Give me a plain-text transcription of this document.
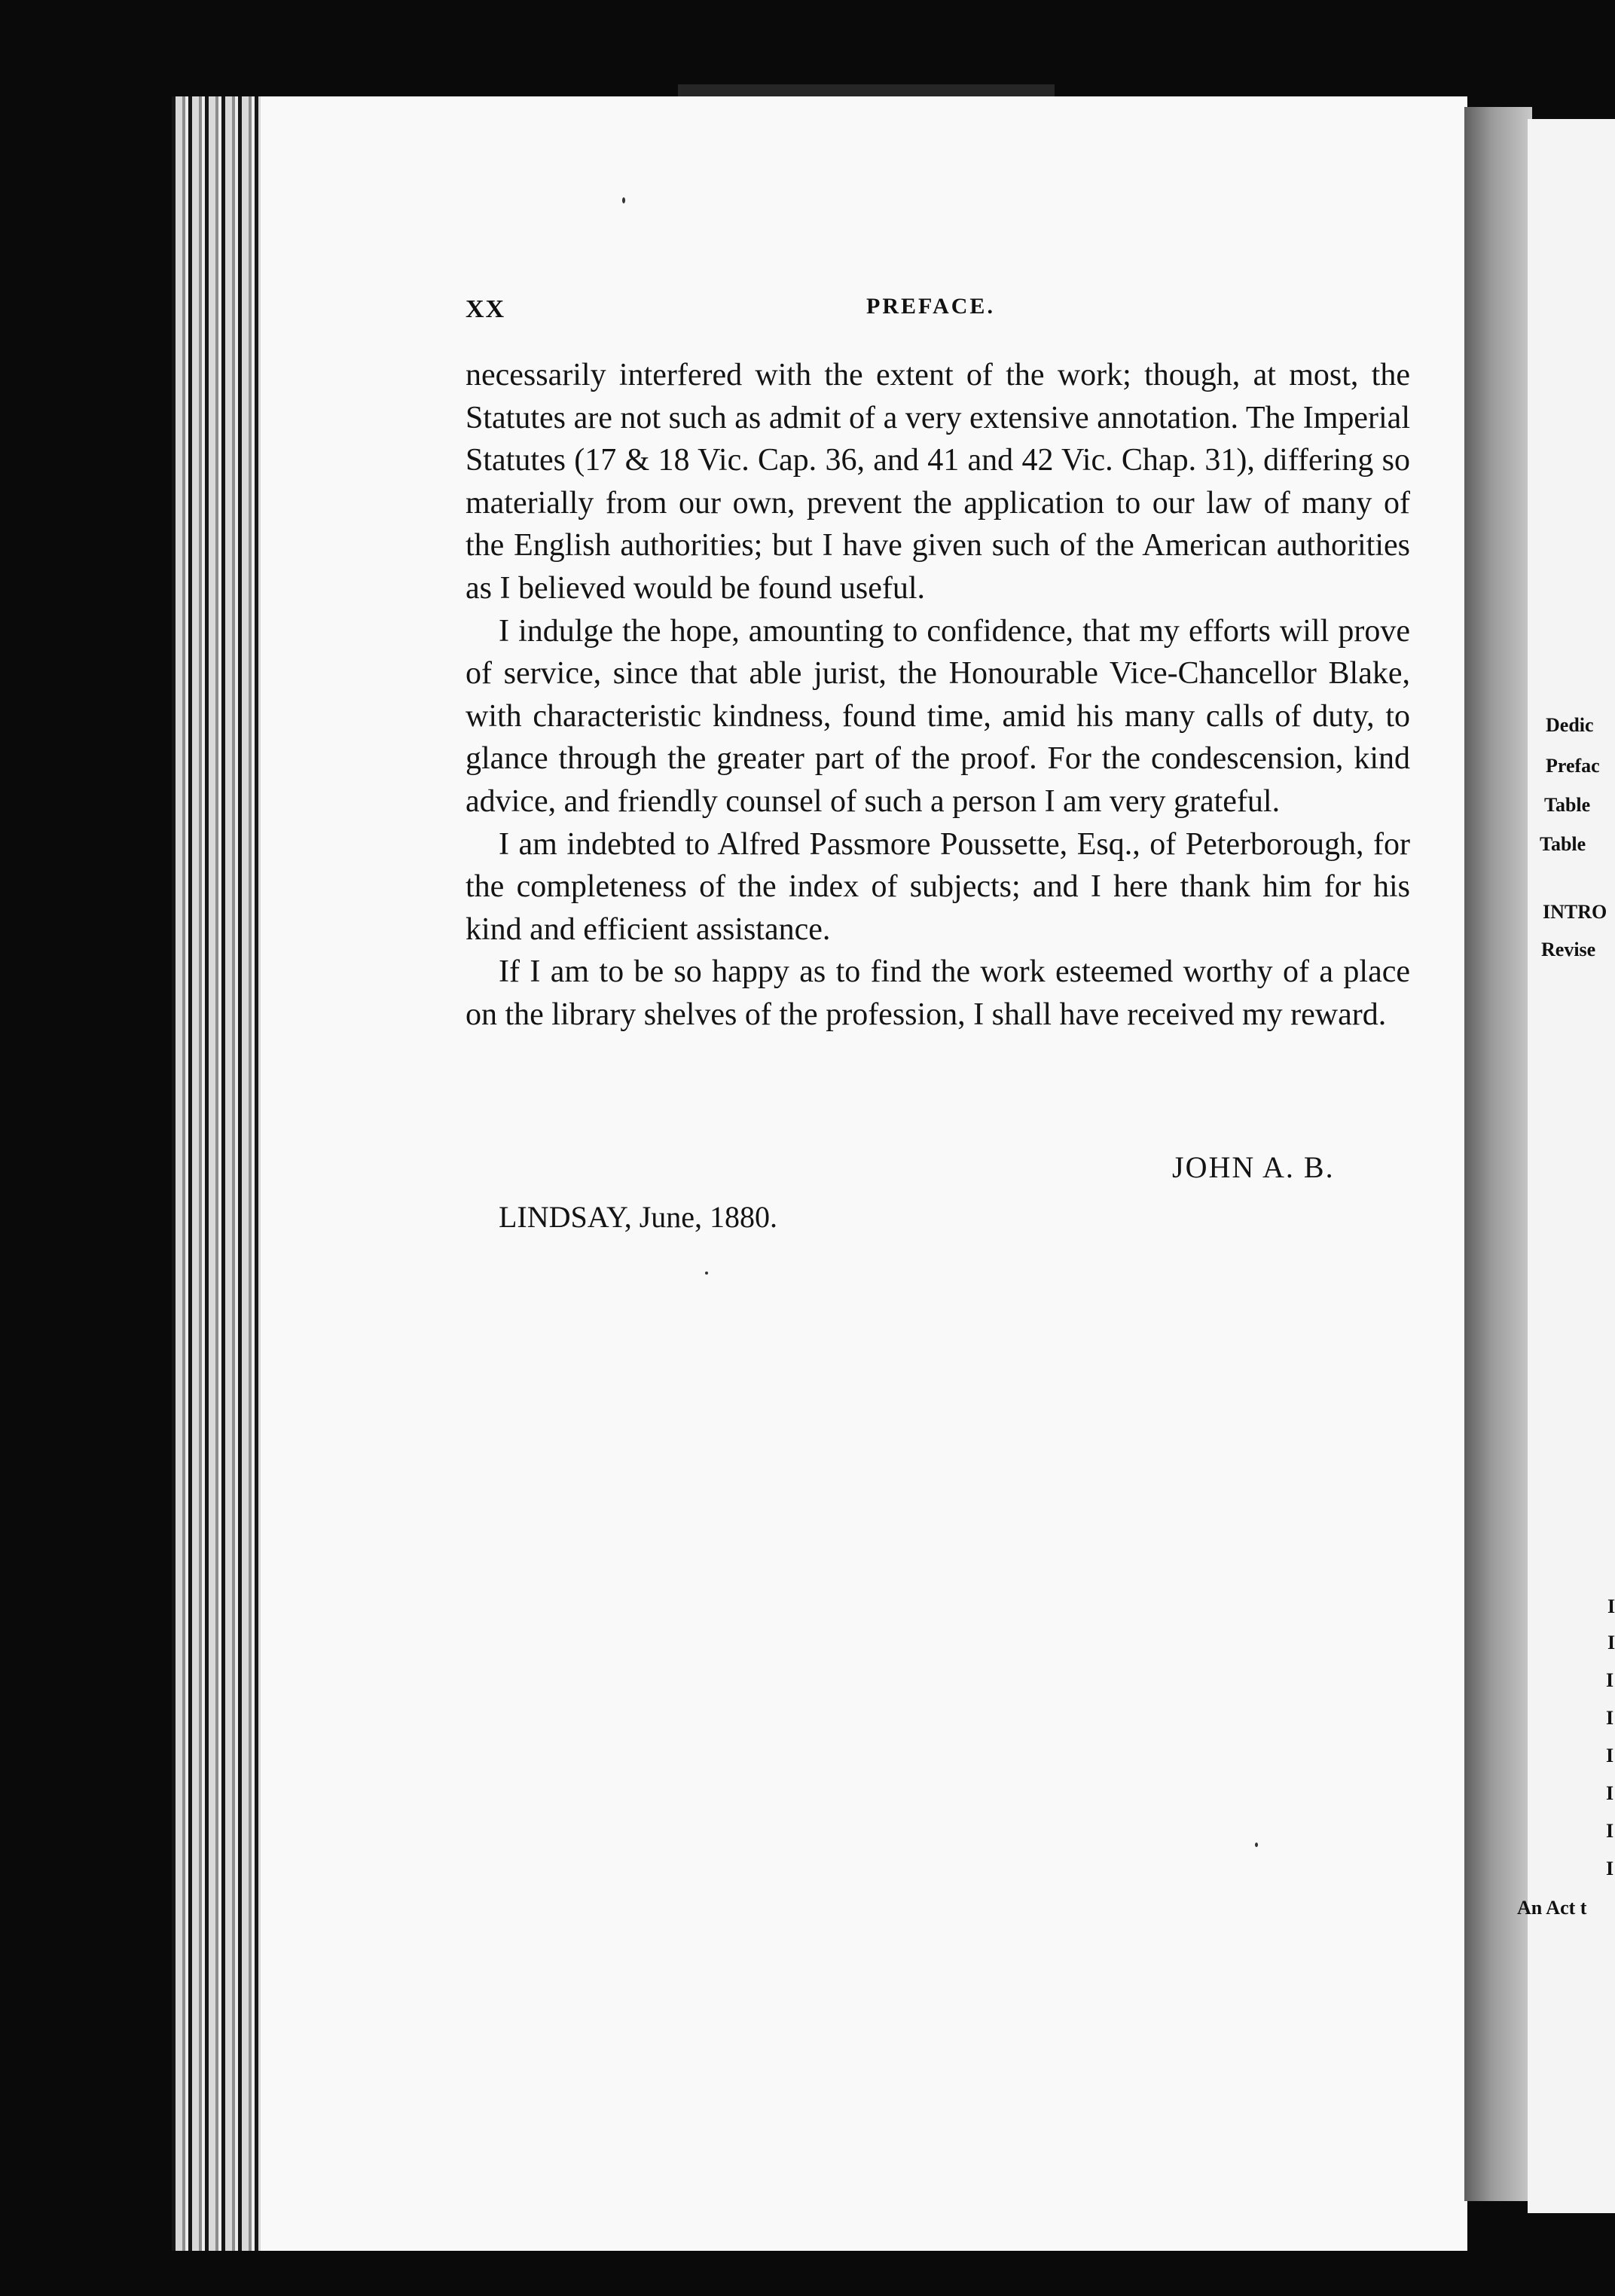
XX	PREFACE.

necessarily interfered with the extent of the work; though, at most, the Statutes are not such as admit of a very extensive annotation. The Imperial Statutes (17 & 18 Vic. Cap. 36, and 41 and 42 Vic. Chap. 31), differing so materially from our own, prevent the application to our law of many of the English authorities; but I have given such of the American authorities as I believed would be found useful.

I indulge the hope, amounting to confidence, that my efforts will prove of service, since that able jurist, the Honourable Vice-Chancellor Blake, with characteristic kindness, found time, amid his many calls of duty, to glance through the greater part of the proof. For the condescension, kind advice, and friendly counsel of such a person I am very grateful.

I am indebted to Alfred Passmore Poussette, Esq., of Peterborough, for the completeness of the index of subjects; and I here thank him for his kind and efficient assistance.

If I am to be so happy as to find the work esteemed worthy of a place on the library shelves of the profession, I shall have received my reward.

JOHN A. B.
LINDSAY, June, 1880.
Dedic
Prefac
Table
Table
INTRO
Revise
I
I
I
I
I
I
I
I
An Act t
